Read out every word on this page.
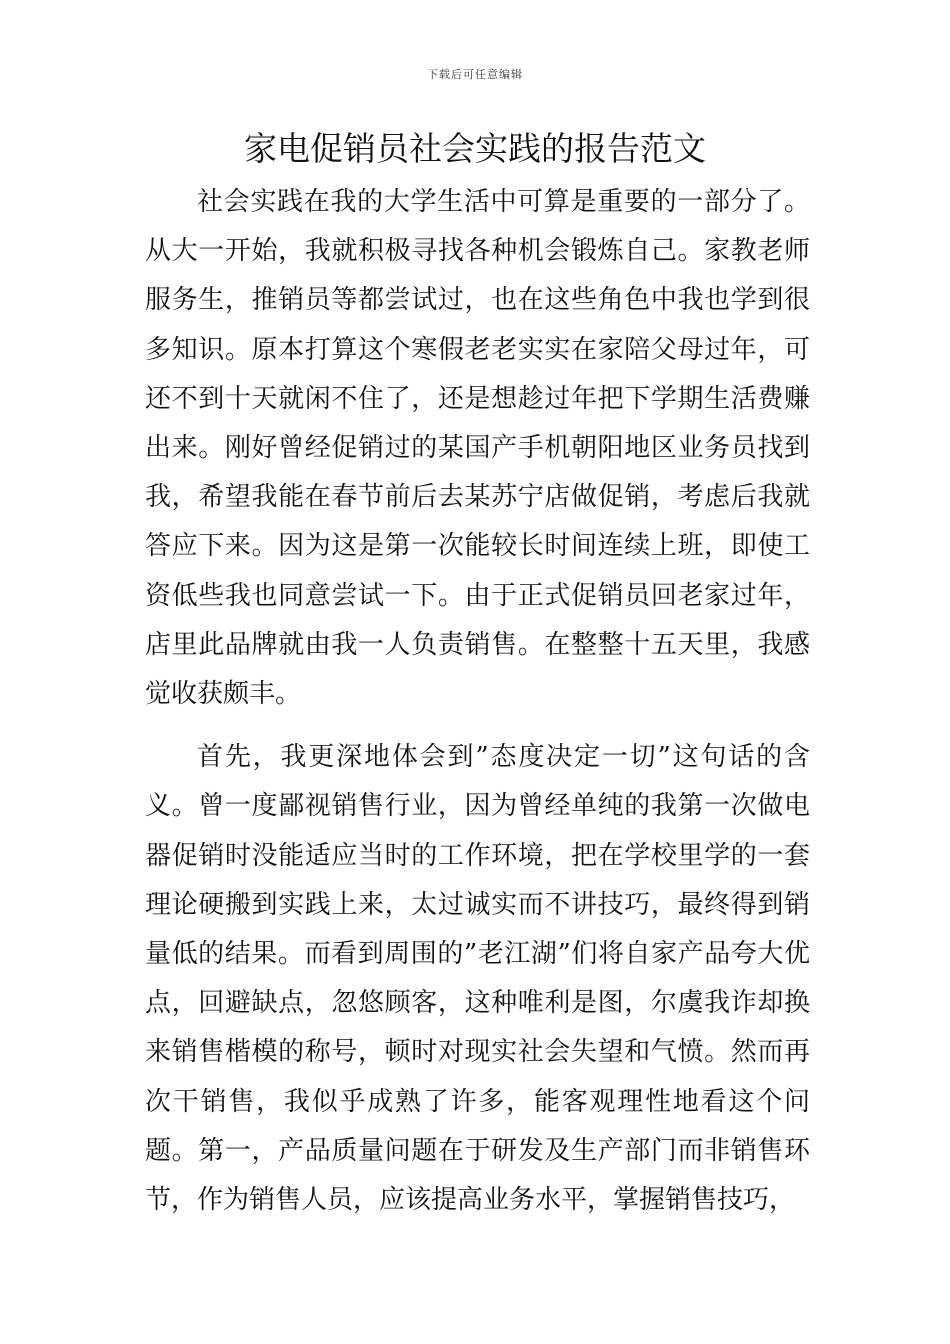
下载后可任意编辑
家电促销员社会实践的报告范文

社会实践在我的大学生活中可算是重要的一部分了。从大一开始，我就积极寻找各种机会锻炼自己。家教老师服务生，推销员等都尝试过，也在这些角色中我也学到很多知识。原本打算这个寒假老老实实在家陪父母过年，可还不到十天就闲不住了，还是想趁过年把下学期生活费赚出来。刚好曾经促销过的某国产手机朝阳地区业务员找到我，希望我能在春节前后去某苏宁店做促销，考虑后我就答应下来。因为这是第一次能较长时间连续上班，即使工资低些我也同意尝试一下。由于正式促销员回老家过年，店里此品牌就由我一人负责销售。在整整十五天里，我感觉收获颇丰。

首先，我更深地体会到”态度决定一切”这句话的含义。曾一度鄙视销售行业，因为曾经单纯的我第一次做电器促销时没能适应当时的工作环境，把在学校里学的一套理论硬搬到实践上来，太过诚实而不讲技巧，最终得到销量低的结果。而看到周围的”老江湖”们将自家产品夸大优点，回避缺点，忽悠顾客，这种唯利是图，尔虞我诈却换来销售楷模的称号，顿时对现实社会失望和气愤。然而再次干销售，我似乎成熟了许多，能客观理性地看这个问题。第一，产品质量问题在于研发及生产部门而非销售环节，作为销售人员，应该提高业务水平，掌握销售技巧，
